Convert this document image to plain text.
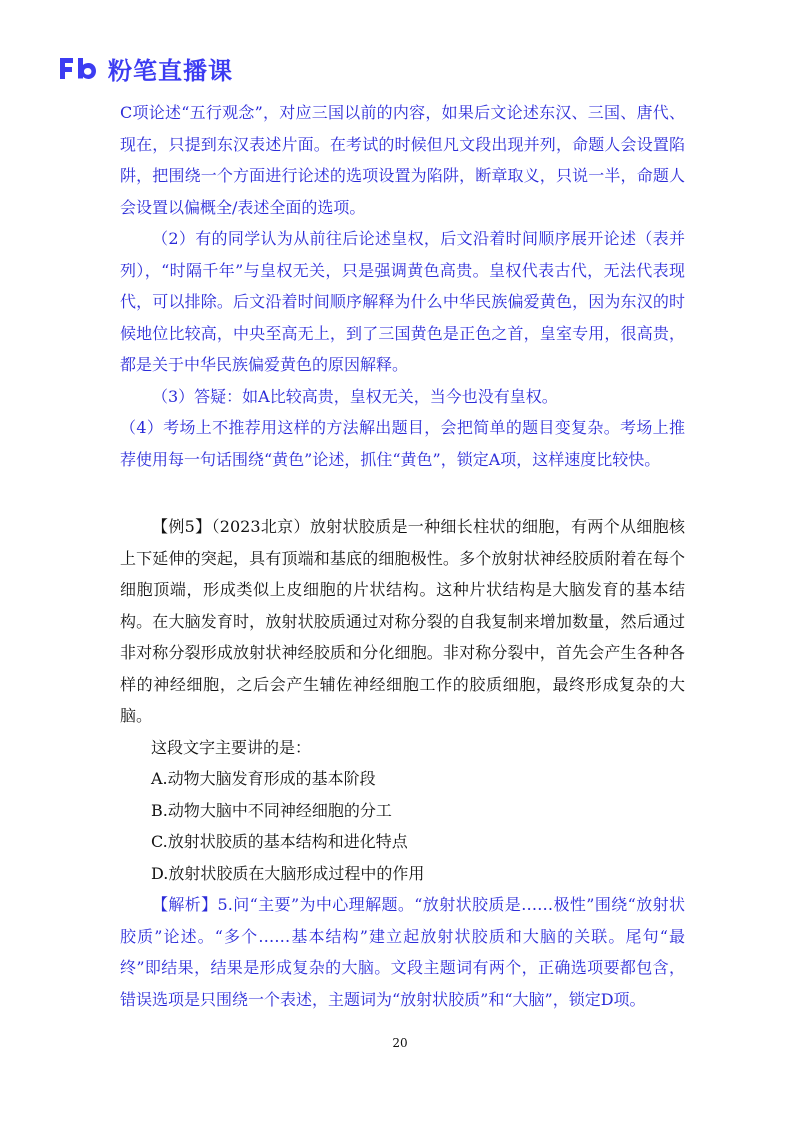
粉笔直播课

C项论述“五行观念”，对应三国以前的内容，如果后文论述东汉、三国、唐代、现在，只提到东汉表述片面。在考试的时候但凡文段出现并列，命题人会设置陷阱，把围绕一个方面进行论述的选项设置为陷阱，断章取义，只说一半，命题人会设置以偏概全/表述全面的选项。

（2）有的同学认为从前往后论述皇权，后文沿着时间顺序展开论述（表并列），“时隔千年”与皇权无关，只是强调黄色高贵。皇权代表古代，无法代表现代，可以排除。后文沿着时间顺序解释为什么中华民族偏爱黄色，因为东汉的时候地位比较高，中央至高无上，到了三国黄色是正色之首，皇室专用，很高贵，都是关于中华民族偏爱黄色的原因解释。

（3）答疑：如A比较高贵，皇权无关，当今也没有皇权。

（4）考场上不推荐用这样的方法解出题目，会把简单的题目变复杂。考场上推荐使用每一句话围绕“黄色”论述，抓住“黄色”，锁定A项，这样速度比较快。

【例5】（2023北京）放射状胶质是一种细长柱状的细胞，有两个从细胞核上下延伸的突起，具有顶端和基底的细胞极性。多个放射状神经胶质附着在每个细胞顶端，形成类似上皮细胞的片状结构。这种片状结构是大脑发育的基本结构。在大脑发育时，放射状胶质通过对称分裂的自我复制来增加数量，然后通过非对称分裂形成放射状神经胶质和分化细胞。非对称分裂中，首先会产生各种各样的神经细胞，之后会产生辅佐神经细胞工作的胶质细胞，最终形成复杂的大脑。

这段文字主要讲的是：

A.动物大脑发育形成的基本阶段

B.动物大脑中不同神经细胞的分工

C.放射状胶质的基本结构和进化特点

D.放射状胶质在大脑形成过程中的作用

【解析】5.问“主要”为中心理解题。“放射状胶质是……极性”围绕“放射状胶质”论述。“多个……基本结构”建立起放射状胶质和大脑的关联。尾句“最终”即结果，结果是形成复杂的大脑。文段主题词有两个，正确选项要都包含，错误选项是只围绕一个表述，主题词为“放射状胶质”和“大脑”，锁定D项。

20
